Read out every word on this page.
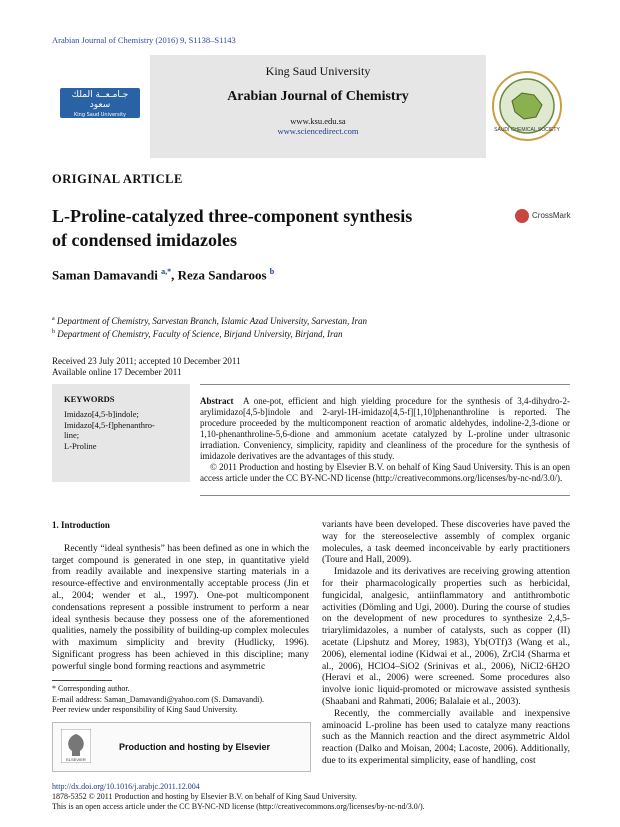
Arabian Journal of Chemistry (2016) 9, S1138–S1143
جـامـعــة الملك سعود
King Saud University
King Saud University
Arabian Journal of Chemistry
www.ksu.edu.sa
www.sciencedirect.com	SAUDI CHEMICAL SOCIETY
ORIGINAL ARTICLE
L-Proline-catalyzed three-component synthesis
of condensed imidazoles
CrossMark
Saman Damavandi $^{a,*}$, Reza Sandaroos $^b$
$^a$ Department of Chemistry, Sarvestan Branch, Islamic Azad University, Sarvestan, Iran
$^b$ Department of Chemistry, Faculty of Science, Birjand University, Birjand, Iran
Received 23 July 2011; accepted 10 December 2011
Available online 17 December 2011
KEYWORDS
Imidazo[4,5-b]indole;
Imidazo[4,5-f]phenanthro-
line;
L-Proline
Abstract A one-pot, efficient and high yielding procedure for the synthesis of 3,4-dihydro-2-arylimidazo[4,5-b]indole and 2-aryl-1H-imidazo[4,5-f][1,10]phenanthroline is reported. The procedure proceeded by the multicomponent reaction of aromatic aldehydes, indoline-2,3-dione or 1,10-phenanthroline-5,6-dione and ammonium acetate catalyzed by L-proline under ultrasonic irradiation. Conveniency, simplicity, rapidity and cleanliness of the procedure for the synthesis of imidazole derivatives are the advantages of this study.
© 2011 Production and hosting by Elsevier B.V. on behalf of King Saud University. This is an open access article under the CC BY-NC-ND license (http://creativecommons.org/licenses/by-nc-nd/3.0/).
1. Introduction

Recently “ideal synthesis” has been defined as one in which the target compound is generated in one step, in quantitative yield from readily available and inexpensive starting materials in a resource-effective and environmentally acceptable process (Jin et al., 2004; wender et al., 1997). One-pot multicomponent condensations represent a possible instrument to perform a near ideal synthesis because they possess one of the aforementioned qualities, namely the possibility of building-up complex molecules with maximum simplicity and brevity (Hudlicky, 1996). Significant progress has been achieved in this discipline; many powerful single bond forming reactions and asymmetric

variants have been developed. These discoveries have paved the way for the stereoselective assembly of complex organic molecules, a task deemed inconceivable by early practitioners (Toure and Hall, 2009).

Imidazole and its derivatives are receiving growing attention for their pharmacologically properties such as herbicidal, fungicidal, analgesic, antiinflammatory and antithrombotic activities (Dömling and Ugi, 2000). During the course of studies on the development of new procedures to synthesize 2,4,5-triarylimidazoles, a number of catalysts, such as copper (II) acetate (Lipshutz and Morey, 1983), Yb(OTf)3 (Wang et al., 2006), elemental iodine (Kidwai et al., 2006), ZrCl4 (Sharma et al., 2006), HClO4–SiO2 (Srinivas et al., 2006), NiCl2·6H2O (Heravi et al., 2006) were screened. Some procedures also involve ionic liquid-promoted or microwave assisted synthesis (Shaabani and Rahmati, 2006; Balalaie et al., 2003).

Recently, the commercially available and inexpensive aminoacid L-proline has been used to catalyze many reactions such as the Mannich reaction and the direct asymmetric Aldol reaction (Dalko and Moisan, 2004; Lacoste, 2006). Additionally, due to its experimental simplicity, ease of handling, cost

* Corresponding author.
E-mail address: Saman_Damavandi@yahoo.com (S. Damavandi).
Peer review under responsibility of King Saud University.
ELSEVIER
Production and hosting by Elsevier
http://dx.doi.org/10.1016/j.arabjc.2011.12.004
1878-5352 © 2011 Production and hosting by Elsevier B.V. on behalf of King Saud University.
This is an open access article under the CC BY-NC-ND license (http://creativecommons.org/licenses/by-nc-nd/3.0/).
